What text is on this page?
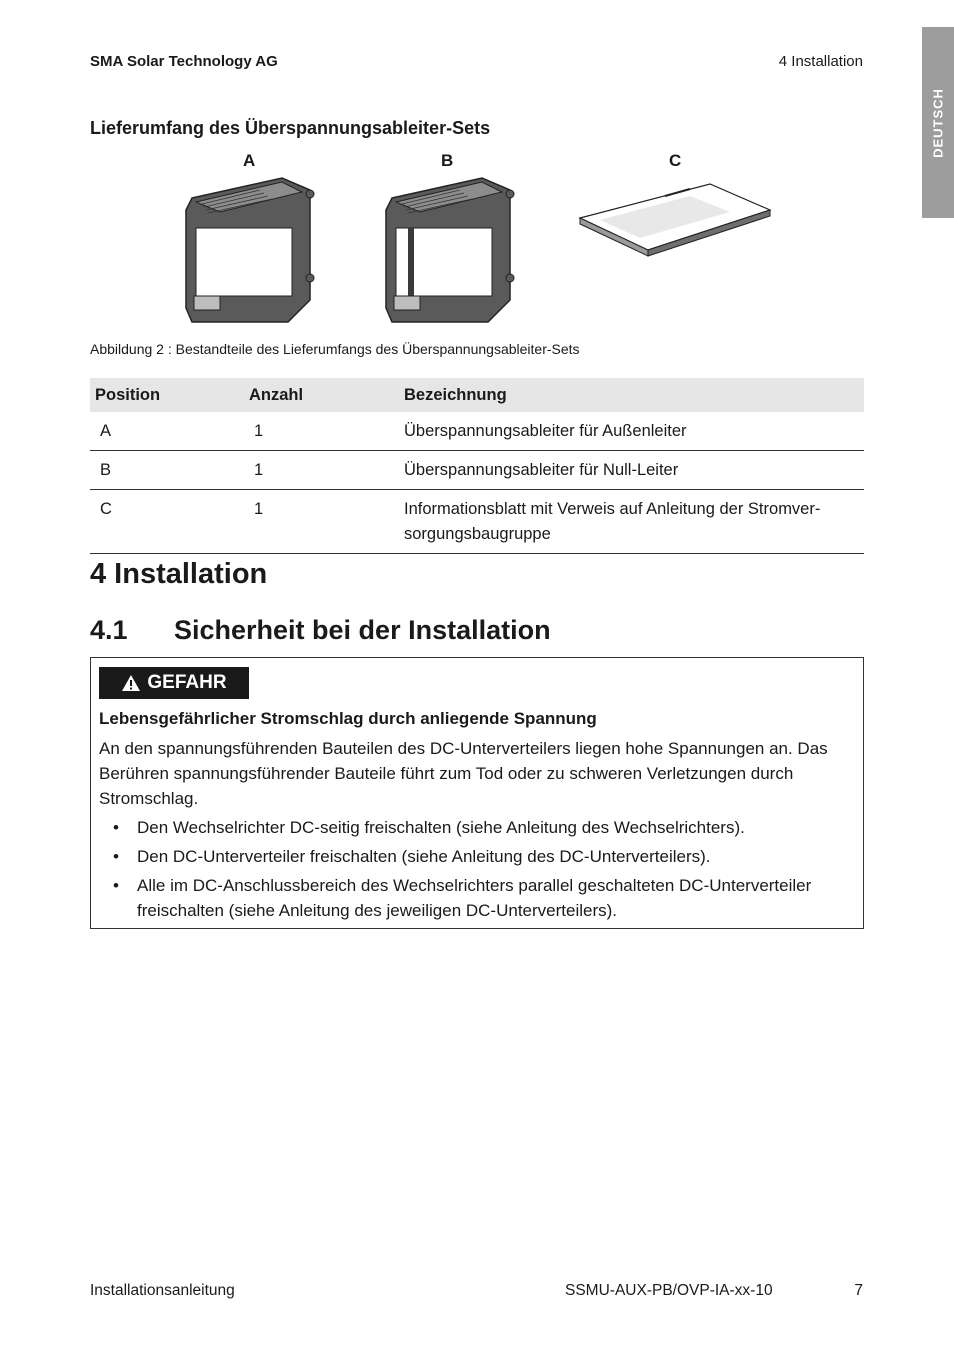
SMA Solar Technology AG	4 Installation
DEUTSCH
Lieferumfang des Überspannungsableiter-Sets
A	B	C
Abbildung 2 : Bestandteile des Lieferumfangs des Überspannungsableiter-Sets
Position	Anzahl	Bezeichnung
A	1	Überspannungsableiter für Außenleiter
B	1	Überspannungsableiter für Null-Leiter
C	1	Informationsblatt mit Verweis auf Anleitung der Stromver-sorgungsbaugruppe
4 Installation
4.1 Sicherheit bei der Installation
GEFAHR
Lebensgefährlicher Stromschlag durch anliegende Spannung

An den spannungsführenden Bauteilen des DC-Unterverteilers liegen hohe Spannungen an. Das Berühren spannungsführender Bauteile führt zum Tod oder zu schweren Verletzungen durch Stromschlag.

• Den Wechselrichter DC-seitig freischalten (siehe Anleitung des Wechselrichters).
• Den DC-Unterverteiler freischalten (siehe Anleitung des DC-Unterverteilers).
• Alle im DC-Anschlussbereich des Wechselrichters parallel geschalteten DC-Unterverteiler freischalten (siehe Anleitung des jeweiligen DC-Unterverteilers).
Installationsanleitung	SSMU-AUX-PB/OVP-IA-xx-10	7
